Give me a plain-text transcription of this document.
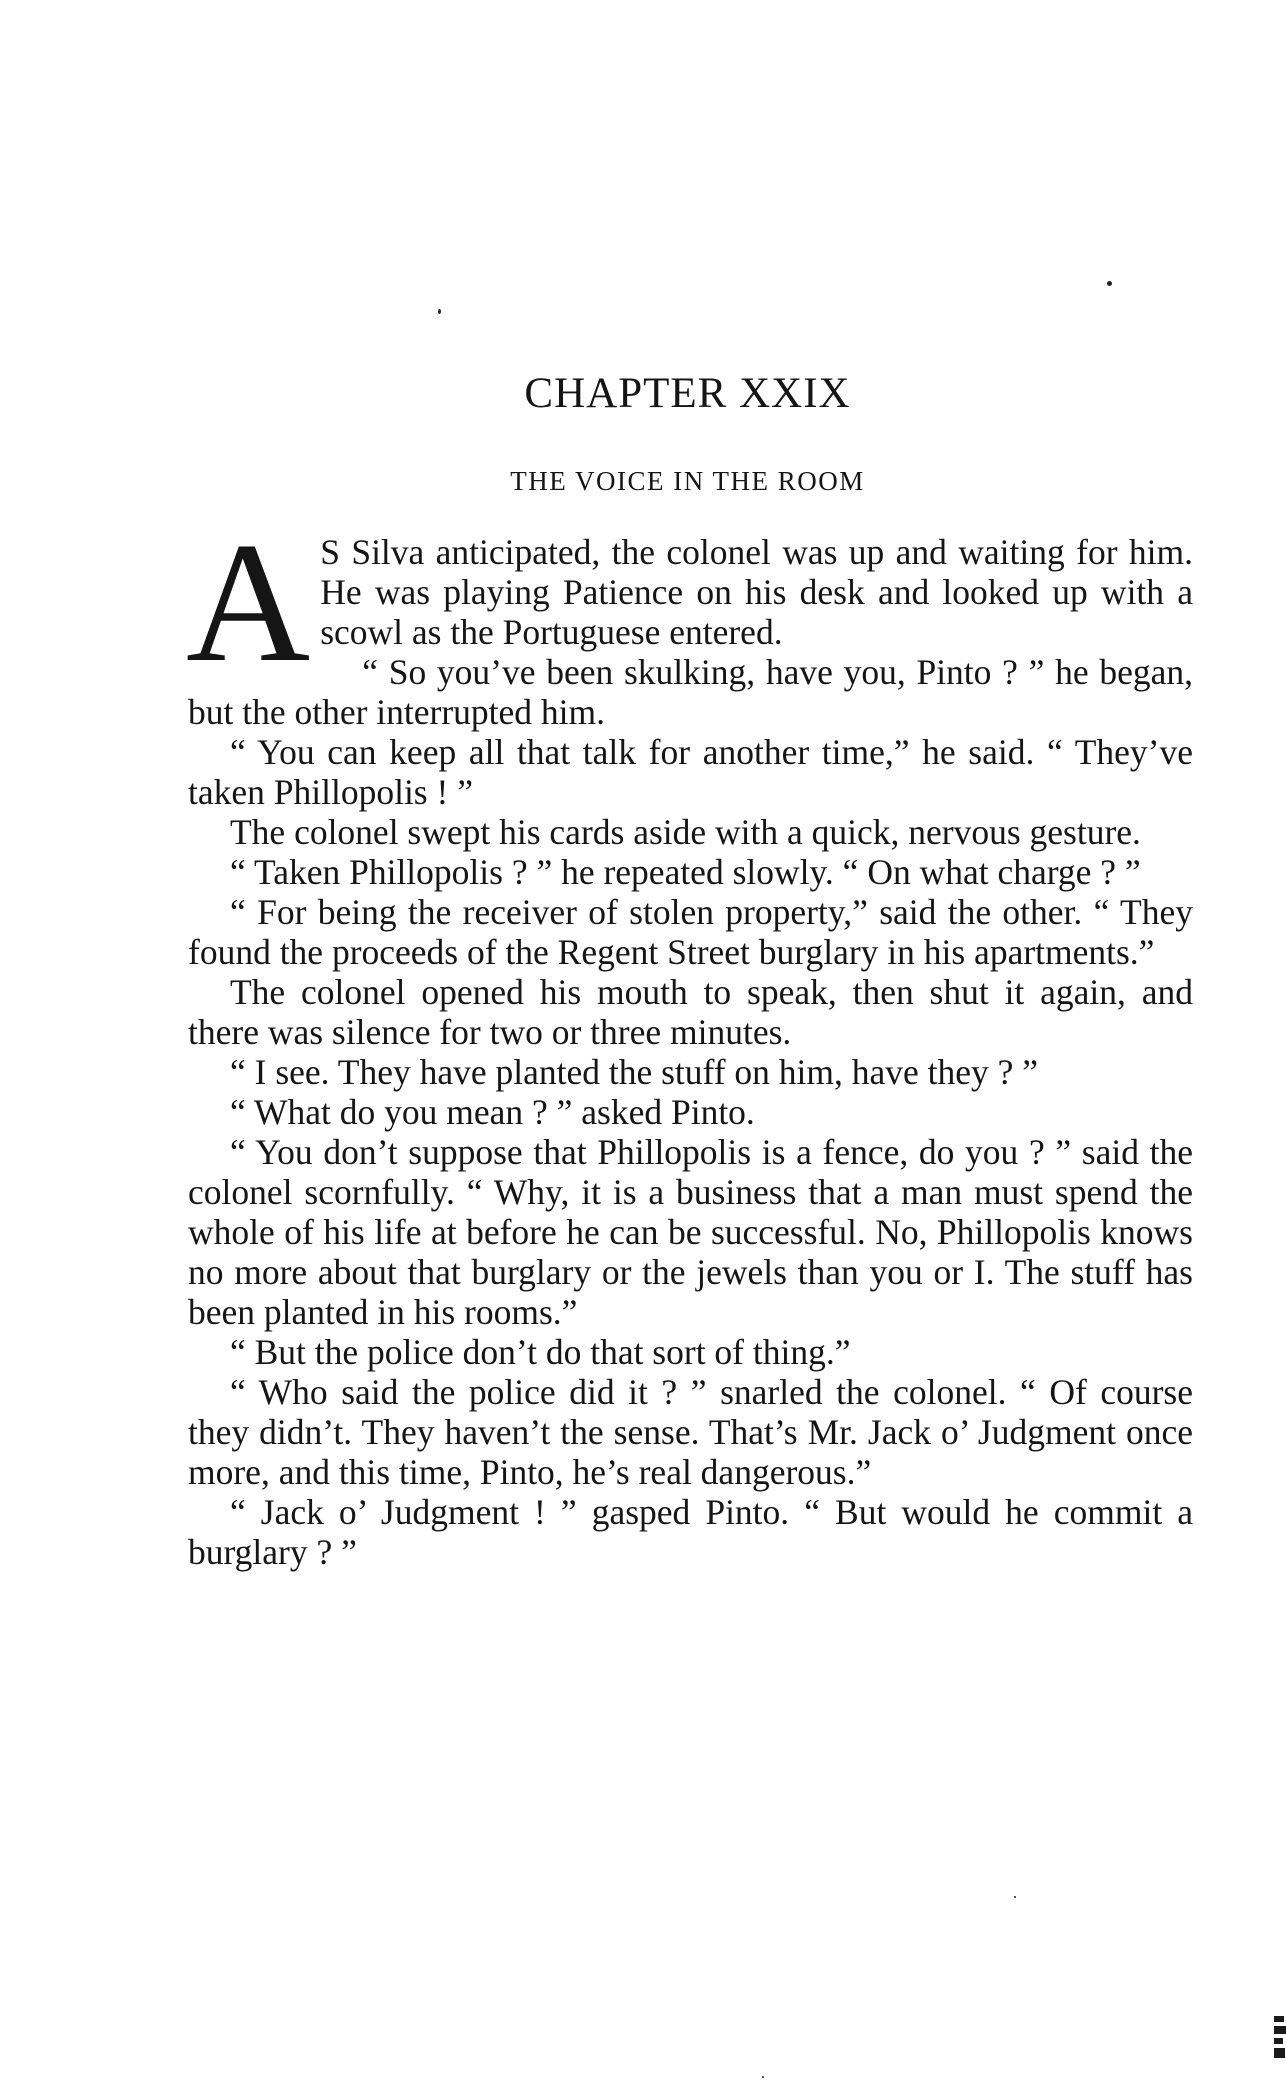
CHAPTER XXIX
THE VOICE IN THE ROOM

A S Silva anticipated, the colonel was up and waiting for him. He was playing Patience on his desk and looked up with a scowl as the Portuguese entered.

“ So you’ve been skulking, have you, Pinto ? ” he began, but the other interrupted him.

“ You can keep all that talk for another time,” he said. “ They’ve taken Phillopolis ! ”

The colonel swept his cards aside with a quick, nervous gesture.

“ Taken Phillopolis ? ” he repeated slowly. “ On what charge ? ”

“ For being the receiver of stolen property,” said the other. “ They found the proceeds of the Regent Street burglary in his apartments.”

The colonel opened his mouth to speak, then shut it again, and there was silence for two or three minutes.

“ I see. They have planted the stuff on him, have they ? ”

“ What do you mean ? ” asked Pinto.

“ You don’t suppose that Phillopolis is a fence, do you ? ” said the colonel scornfully. “ Why, it is a business that a man must spend the whole of his life at before he can be successful. No, Phillopolis knows no more about that burglary or the jewels than you or I. The stuff has been planted in his rooms.”

“ But the police don’t do that sort of thing.”

“ Who said the police did it ? ” snarled the colonel. “ Of course they didn’t. They haven’t the sense. That’s Mr. Jack o’ Judgment once more, and this time, Pinto, he’s real dangerous.”

“ Jack o’ Judgment ! ” gasped Pinto. “ But would he commit a burglary ? ”
